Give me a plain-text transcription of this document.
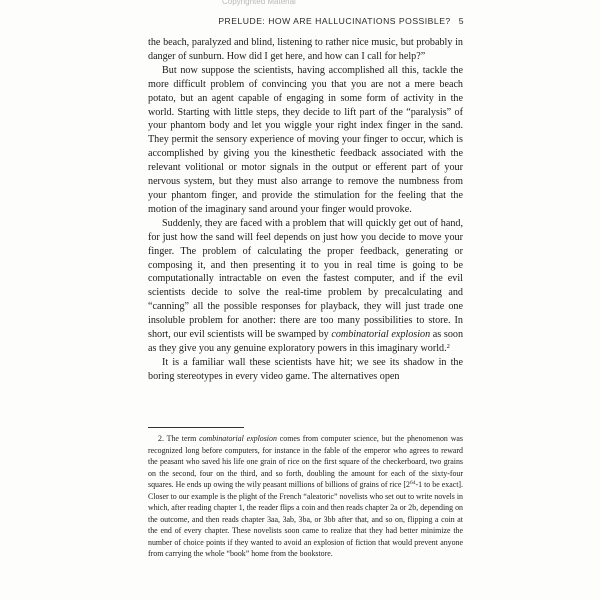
Copyrighted Material
PRELUDE: HOW ARE HALLUCINATIONS POSSIBLE? 5

the beach, paralyzed and blind, listening to rather nice music, but probably in danger of sunburn. How did I get here, and how can I call for help?”

But now suppose the scientists, having accomplished all this, tackle the more difficult problem of convincing you that you are not a mere beach potato, but an agent capable of engaging in some form of activity in the world. Starting with little steps, they decide to lift part of the “paralysis” of your phantom body and let you wiggle your right index finger in the sand. They permit the sensory experience of moving your finger to occur, which is accomplished by giving you the kinesthetic feedback associated with the relevant volitional or motor signals in the output or efferent part of your nervous system, but they must also arrange to remove the numbness from your phantom finger, and provide the stimulation for the feeling that the motion of the imaginary sand around your finger would provoke.

Suddenly, they are faced with a problem that will quickly get out of hand, for just how the sand will feel depends on just how you decide to move your finger. The problem of calculating the proper feedback, generating or composing it, and then presenting it to you in real time is going to be computationally intractable on even the fastest computer, and if the evil scientists decide to solve the real-time problem by precalculating and “canning” all the possible responses for playback, they will just trade one insoluble problem for another: there are too many possibilities to store. In short, our evil scientists will be swamped by combinatorial explosion as soon as they give you any genuine exploratory powers in this imaginary world.$^2$

It is a familiar wall these scientists have hit; we see its shadow in the boring stereotypes in every video game. The alternatives open

2. The term combinatorial explosion comes from computer science, but the phenomenon was recognized long before computers, for instance in the fable of the emperor who agrees to reward the peasant who saved his life one grain of rice on the first square of the checkerboard, two grains on the second, four on the third, and so forth, doubling the amount for each of the sixty-four squares. He ends up owing the wily peasant millions of billions of grains of rice [$2^{64}-1$ to be exact]. Closer to our example is the plight of the French “aleatoric” novelists who set out to write novels in which, after reading chapter 1, the reader flips a coin and then reads chapter 2a or 2b, depending on the outcome, and then reads chapter 3aa, 3ab, 3ba, or 3bb after that, and so on, flipping a coin at the end of every chapter. These novelists soon came to realize that they had better minimize the number of choice points if they wanted to avoid an explosion of fiction that would prevent anyone from carrying the whole “book” home from the bookstore.
